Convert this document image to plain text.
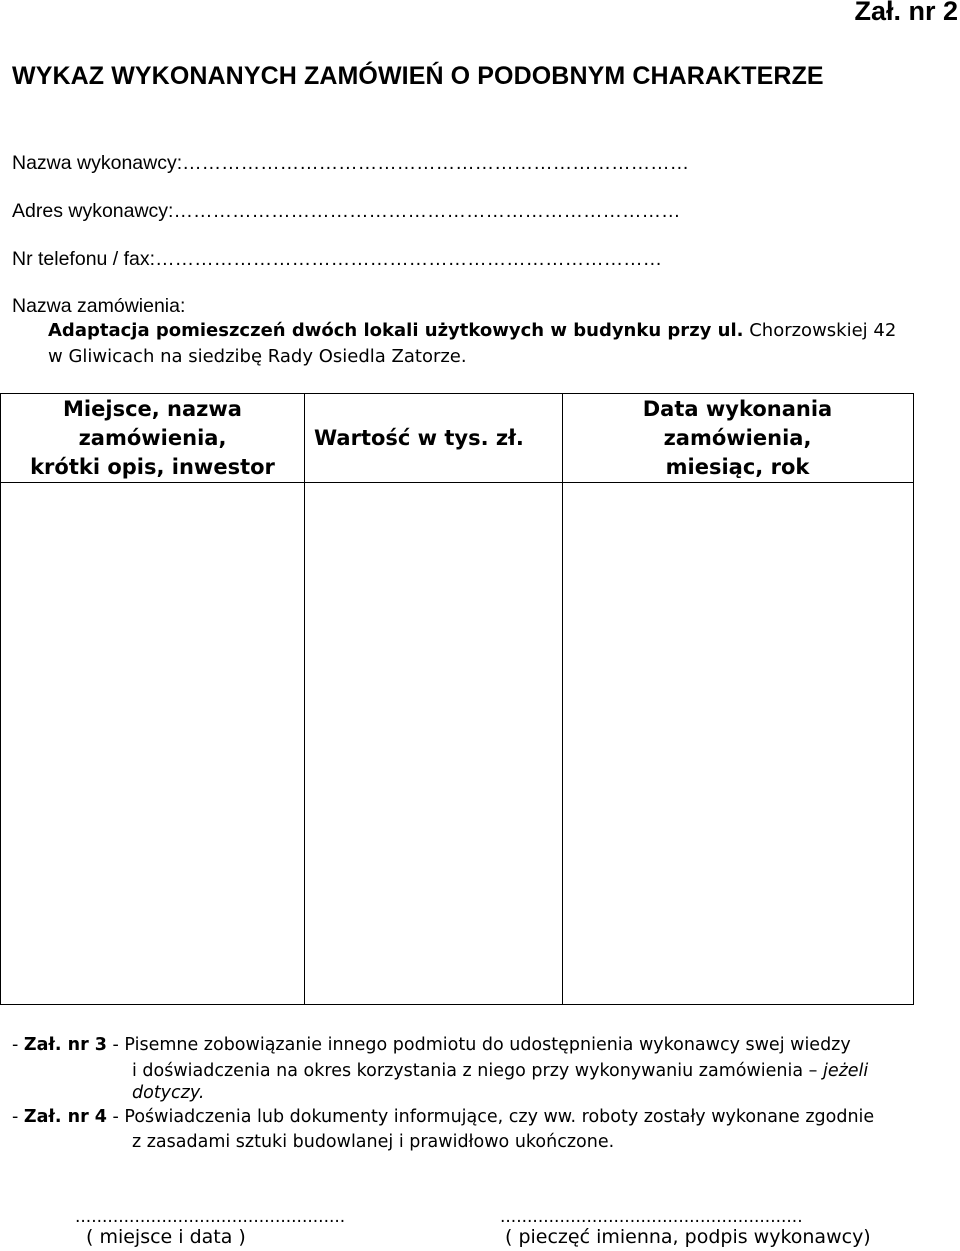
Zał. nr 2
WYKAZ WYKONANYCH ZAMÓWIEŃ O PODOBNYM CHARAKTERZE
Nazwa wykonawcy:……………………………………………………………………
Adres wykonawcy:……………………………………………………………………
Nr telefonu / fax:……………………………………………………………………
Nazwa zamówienia:
Adaptacja pomieszczeń dwóch lokali użytkowych w budynku przy ul. Chorzowskiej 42
w Gliwicach na siedzibę Rady Osiedla Zatorze.
Miejsce, nazwa
zamówienia,
krótki opis, inwestor
Wartość w tys. zł.
Data wykonania
zamówienia,
miesiąc, rok
- Zał. nr 3 - Pisemne zobowiązanie innego podmiotu do udostępnienia wykonawcy swej wiedzy
i doświadczenia na okres korzystania z niego przy wykonywaniu zamówienia – jeżeli
dotyczy.
- Zał. nr 4 - Poświadczenia lub dokumenty informujące, czy ww. roboty zostały wykonane zgodnie
z zasadami sztuki budowlanej i prawidłowo ukończone.
..................................................
( miejsce i data )
........................................................
( pieczęć imienna, podpis wykonawcy)
